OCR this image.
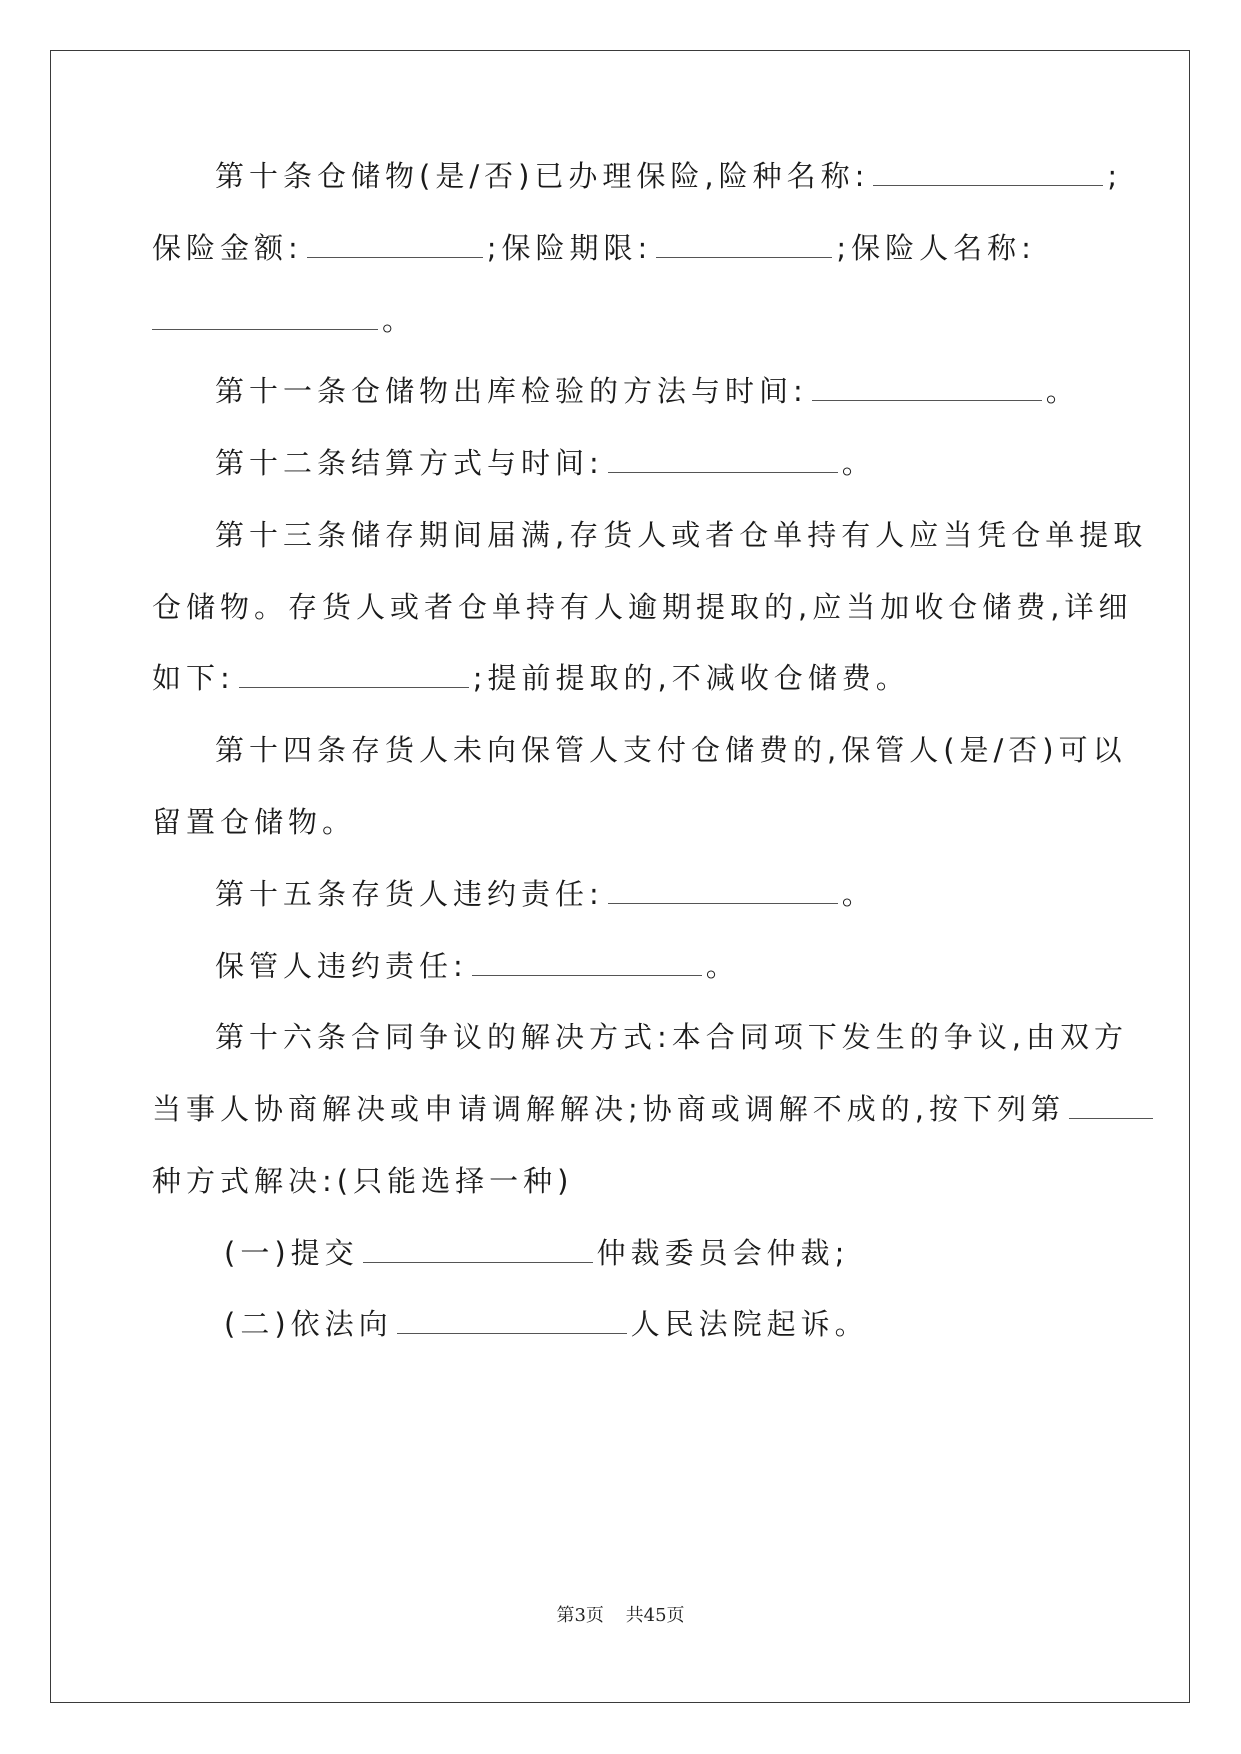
第十条仓储物(是/否)已办理保险,险种名称:	;
保险金额:	;保险期限:	;保险人名称:
。
第十一条仓储物出库检验的方法与时间:	。
第十二条结算方式与时间:	。
第十三条储存期间届满,存货人或者仓单持有人应当凭仓单提取
仓储物。存货人或者仓单持有人逾期提取的,应当加收仓储费,详细
如下:	;提前提取的,不减收仓储费。
第十四条存货人未向保管人支付仓储费的,保管人(是/否)可以
留置仓储物。
第十五条存货人违约责任:	。
保管人违约责任:	。
第十六条合同争议的解决方式:本合同项下发生的争议,由双方
当事人协商解决或申请调解解决;协商或调解不成的,按下列第
种方式解决:(只能选择一种)
(一)提交	仲裁委员会仲裁;
(二)依法向	人民法院起诉。
第3页 共45页
